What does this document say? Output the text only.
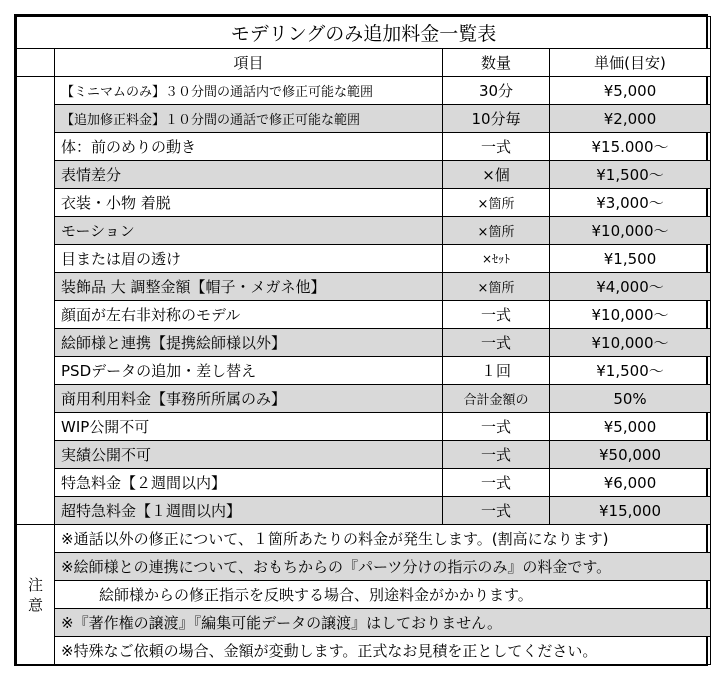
モデリングのみ追加料金一覧表			
	項目	数量	単価(目安)
	【ミニマムのみ】３０分間の通話内で修正可能な範囲	30分	¥5,000
	【追加修正料金】１０分間の通話で修正可能な範囲	10分毎	¥2,000
	体：前のめりの動き	一式	¥15.000～
	表情差分	×個	¥1,500～
	衣装・小物 着脱	×箇所	¥3,000～
	モーション	×箇所	¥10,000～
	目または眉の透け	×ｾｯﾄ	¥1,500
	装飾品 大 調整金額【帽子・メガネ他】	×箇所	¥4,000～
	顔面が左右非対称のモデル	一式	¥10,000～
	絵師様と連携【提携絵師様以外】	一式	¥10,000～
	PSDデータの追加・差し替え	１回	¥1,500～
	商用利用料金【事務所所属のみ】	合計金額の	50%
	WIP公開不可	一式	¥5,000
	実績公開不可	一式	¥50,000
	特急料金【２週間以内】	一式	¥6,000
	超特急料金【１週間以内】	一式	¥15,000
注意	※通話以外の修正について、１箇所あたりの料金が発生します。(割高になります)		
	※絵師様との連携について、おもちからの『パーツ分けの指示のみ』の料金です。		
	絵師様からの修正指示を反映する場合、別途料金がかかります。		
	※『著作権の譲渡』『編集可能データの譲渡』はしておりません。		
	※特殊なご依頼の場合、金額が変動します。正式なお見積を正としてください。		
